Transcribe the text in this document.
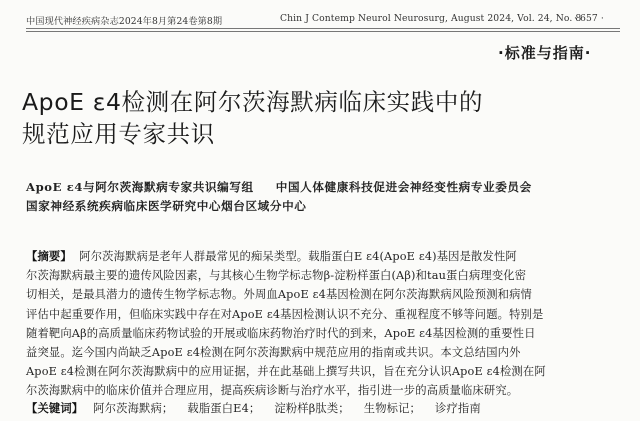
中国现代神经疾病杂志2024年8月第24卷第8期	Chin J Contemp Neurol Neurosurg, August 2024, Vol. 24, No. 8
· 657 ·
·标准与指南·
ApoE ε4检测在阿尔茨海默病临床实践中的
规范应用专家共识
ApoE ε4与阿尔茨海默病专家共识编写组 中国人体健康科技促进会神经变性病专业委员会
国家神经系统疾病临床医学研究中心烟台区域分中心
【摘要】 阿尔茨海默病是老年人群最常见的痴呆类型。载脂蛋白E ε4(ApoE ε4)基因是散发性阿
尔茨海默病最主要的遗传风险因素，与其核心生物学标志物β-淀粉样蛋白(Aβ)和tau蛋白病理变化密
切相关，是最具潜力的遗传生物学标志物。外周血ApoE ε4基因检测在阿尔茨海默病风险预测和病情
评估中起重要作用，但临床实践中存在对ApoE ε4基因检测认识不充分、重视程度不够等问题。特别是
随着靶向Aβ的高质量临床药物试验的开展或临床药物治疗时代的到来，ApoE ε4基因检测的重要性日
益突显。迄今国内尚缺乏ApoE ε4检测在阿尔茨海默病中规范应用的指南或共识。本文总结国内外
ApoE ε4检测在阿尔茨海默病中的应用证据，并在此基础上撰写共识，旨在充分认识ApoE ε4检测在阿
尔茨海默病中的临床价值并合理应用，提高疾病诊断与治疗水平，指引进一步的高质量临床研究。
【关键词】 阿尔茨海默病； 载脂蛋白E4； 淀粉样β肽类； 生物标记； 诊疗指南
